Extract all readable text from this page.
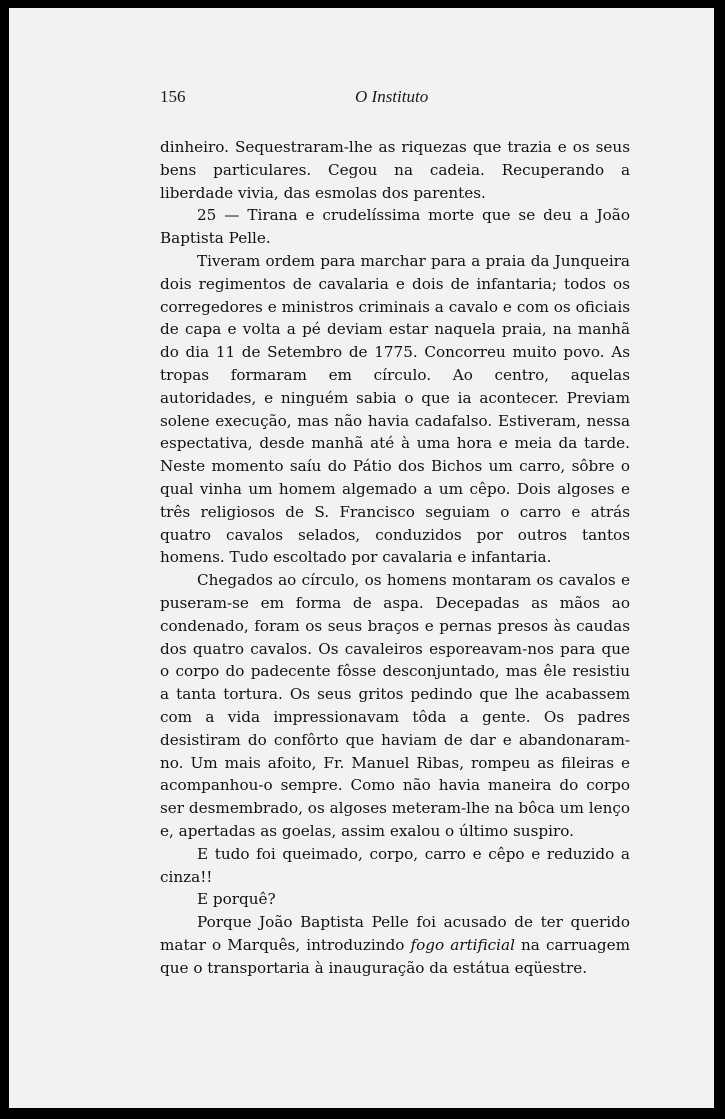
156	O Instituto

dinheiro. Sequestraram-lhe as riquezas que trazia e os seus bens particulares. Cegou na cadeia. Recuperando a liberdade vivia, das esmolas dos parentes.

25 — Tirana e crudelíssima morte que se deu a João Baptista Pelle.

Tiveram ordem para marchar para a praia da Junqueira dois regimentos de cavalaria e dois de infantaria; todos os corregedores e ministros criminais a cavalo e com os oficiais de capa e volta a pé deviam estar naquela praia, na manhã do dia 11 de Setembro de 1775. Concorreu muito povo. As tropas formaram em círculo. Ao centro, aquelas autoridades, e ninguém sabia o que ia acontecer. Previam solene execução, mas não havia cadafalso. Estiveram, nessa espectativa, desde manhã até à uma hora e meia da tarde. Neste momento saíu do Pátio dos Bichos um carro, sôbre o qual vinha um homem algemado a um cêpo. Dois algoses e três religiosos de S. Francisco seguiam o carro e atrás quatro cavalos selados, conduzidos por outros tantos homens. Tudo escoltado por cavalaria e infantaria.

Chegados ao círculo, os homens montaram os cavalos e puseram-se em forma de aspa. Decepadas as mãos ao condenado, foram os seus braços e pernas presos às caudas dos quatro cavalos. Os cavaleiros esporeavam-nos para que o corpo do padecente fôsse desconjuntado, mas êle resistiu a tanta tortura. Os seus gritos pedindo que lhe acabassem com a vida impressionavam tôda a gente. Os padres desistiram do confôrto que haviam de dar e abandonaram-no. Um mais afoito, Fr. Manuel Ribas, rompeu as fileiras e acompanhou-o sempre. Como não havia maneira do corpo ser desmembrado, os algoses meteram-lhe na bôca um lenço e, apertadas as goelas, assim exalou o último suspiro.

E tudo foi queimado, corpo, carro e cêpo e reduzido a cinza!!

E porquê?

Porque João Baptista Pelle foi acusado de ter querido matar o Marquês, introduzindo fogo artificial na carruagem que o transportaria à inauguração da estátua eqüestre.
